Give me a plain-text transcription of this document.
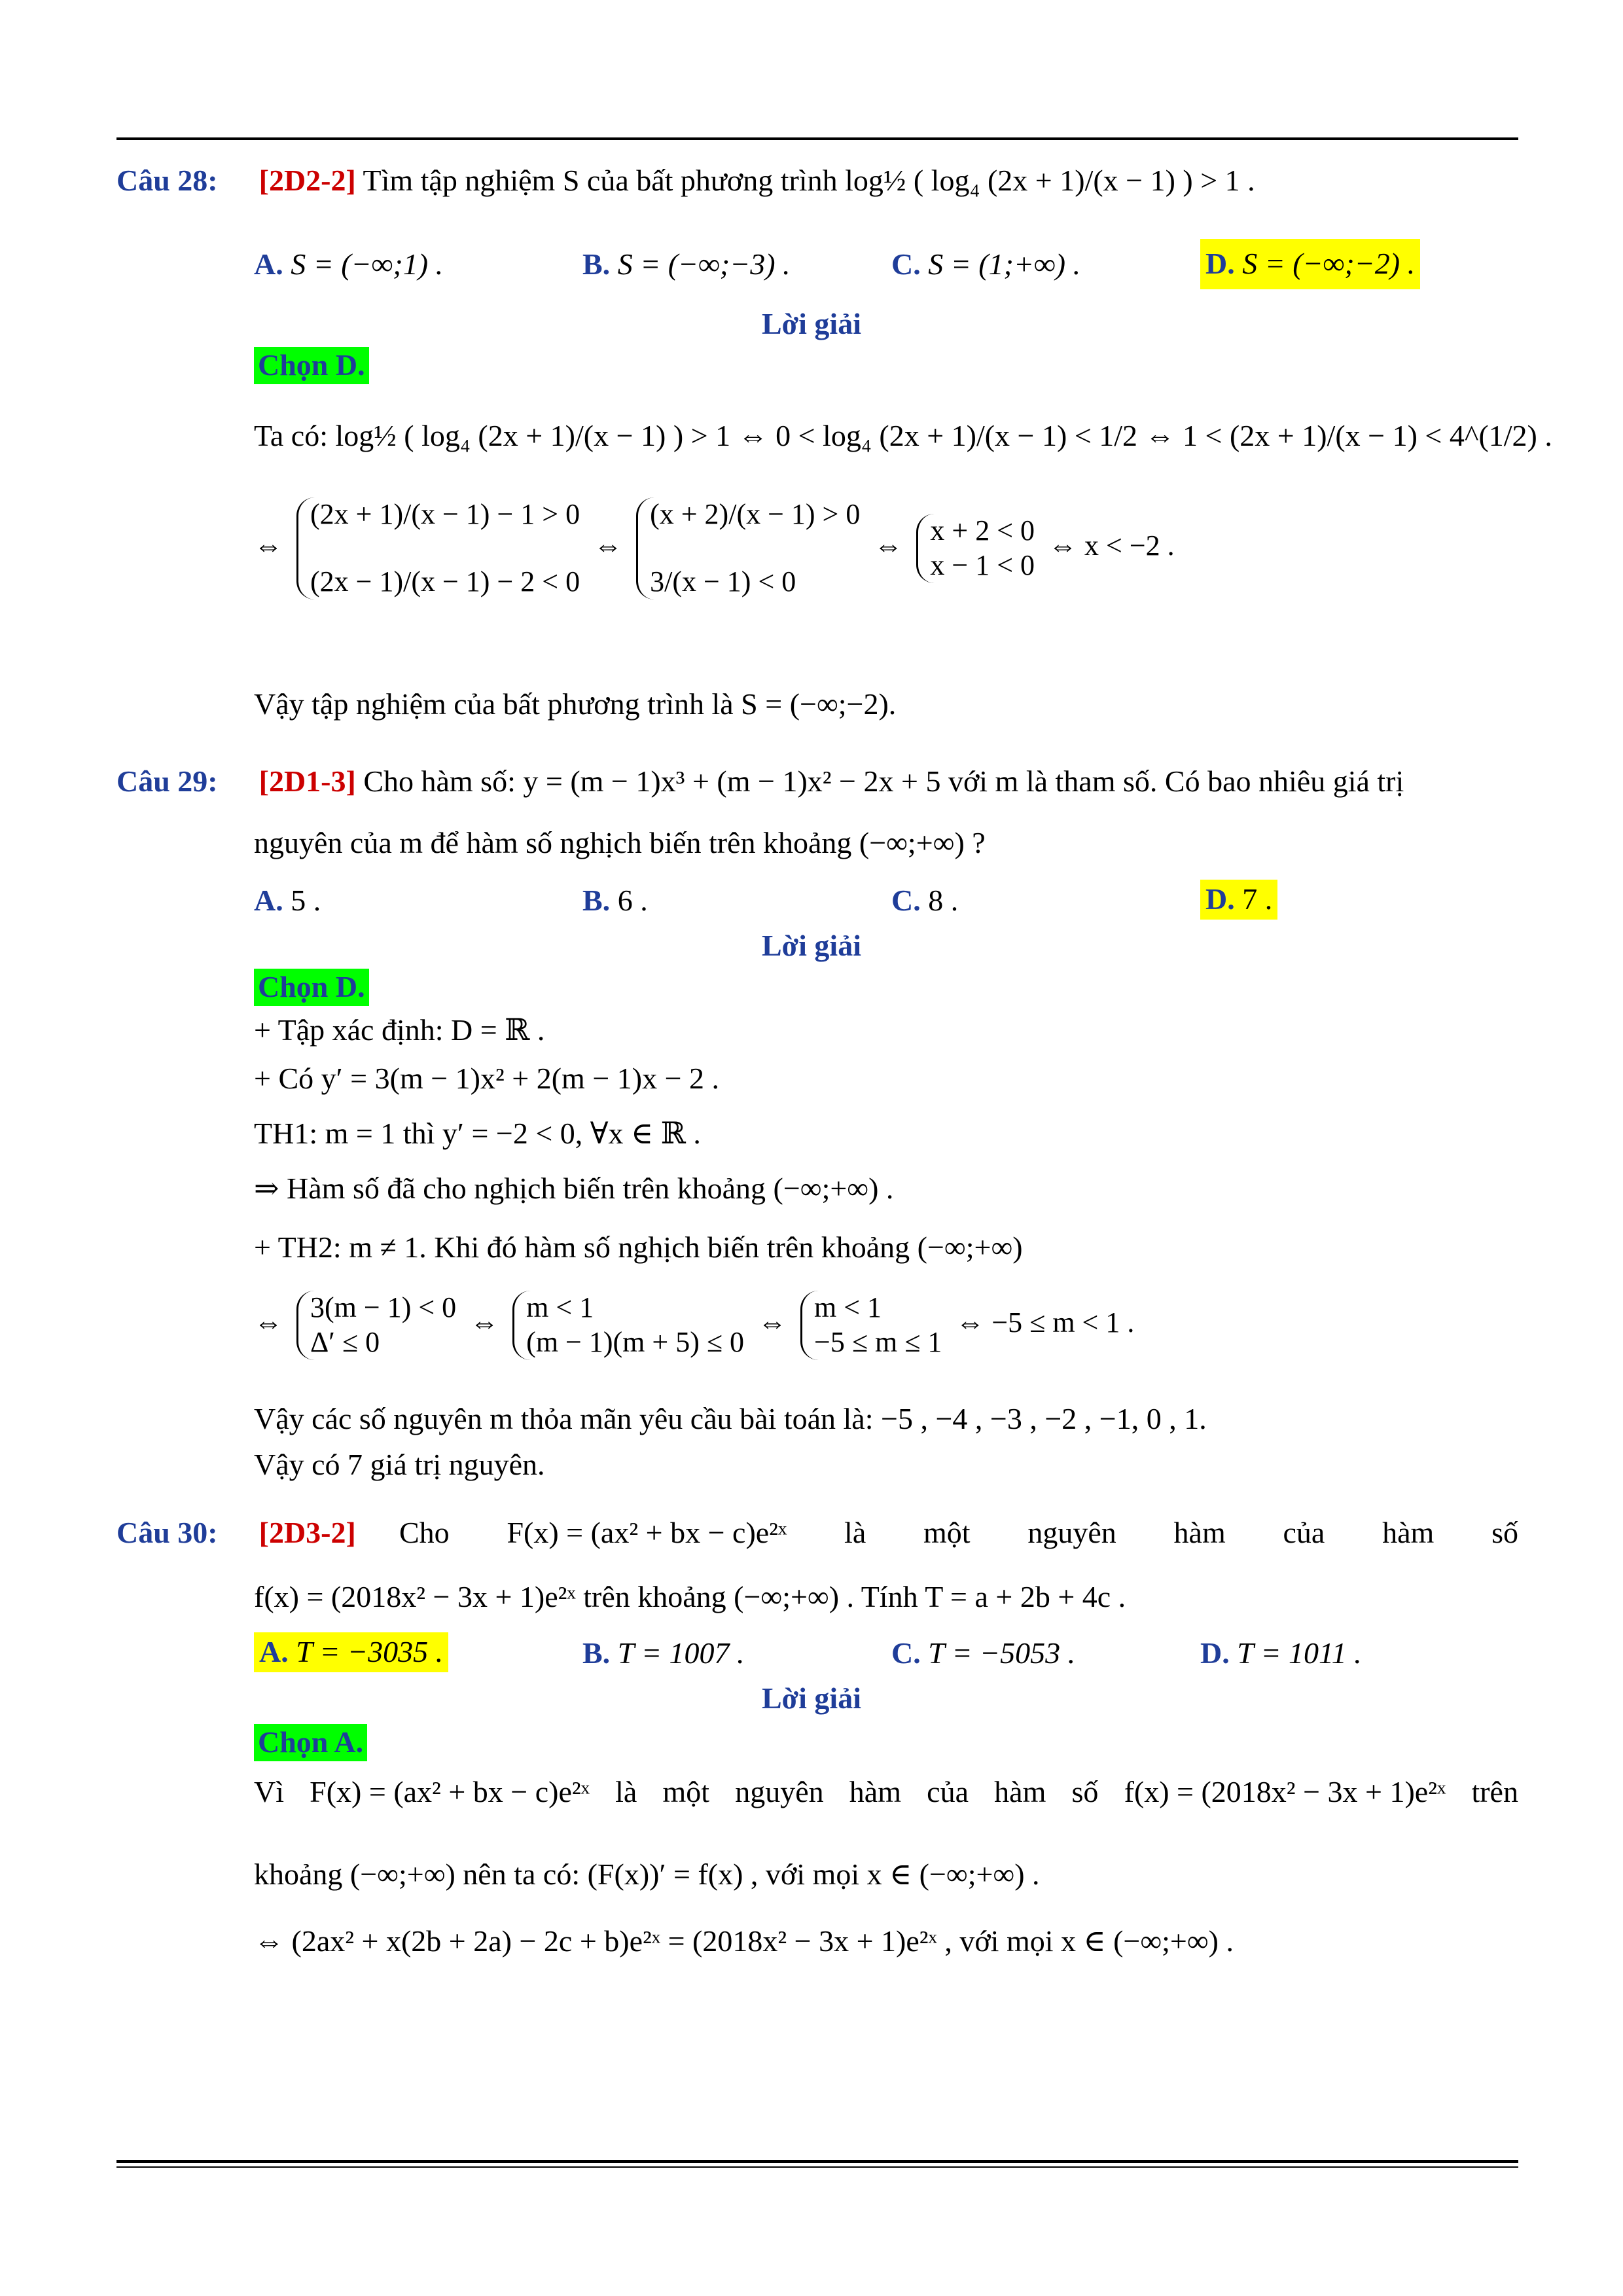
Câu 28: [2D2-2] Tìm tập nghiệm S của bất phương trình log½ ( log₄ (2x + 1)/(x − 1) ) > 1 .
A. S = (−∞;1) .	B. S = (−∞;−3) .	C. S = (1;+∞) .	D. S = (−∞;−2) .
Lời giải
Chọn D.
Ta có: log½ ( log₄ (2x + 1)/(x − 1) ) > 1 ⇔ 0 < log₄ (2x + 1)/(x − 1) < 1/2 ⇔ 1 < (2x + 1)/(x − 1) < 4^(1/2) .
⇔
(2x + 1)/(x − 1) − 1 > 0
(2x − 1)/(x − 1) − 2 < 0
⇔
(x + 2)/(x − 1) > 0
3/(x − 1) < 0
⇔ x + 2 < 0
x − 1 < 0
⇔ x < −2 .
Vậy tập nghiệm của bất phương trình là S = (−∞;−2).
Câu 29: [2D1-3] Cho hàm số: y = (m − 1)x³ + (m − 1)x² − 2x + 5 với m là tham số. Có bao nhiêu giá trị
nguyên của m để hàm số nghịch biến trên khoảng (−∞;+∞) ?
A. 5 .	B. 6 .	C. 8 .	D. 7 .
Lời giải
Chọn D.
+ Tập xác định: D = ℝ .
+ Có y′ = 3(m − 1)x² + 2(m − 1)x − 2 .
TH1: m = 1 thì y′ = −2 < 0, ∀x ∈ ℝ .
⇒ Hàm số đã cho nghịch biến trên khoảng (−∞;+∞) .
+ TH2: m ≠ 1. Khi đó hàm số nghịch biến trên khoảng (−∞;+∞)
⇔ 3(m − 1) < 0
Δ′ ≤ 0
⇔ m < 1
(m − 1)(m + 5) ≤ 0
⇔ m < 1
−5 ≤ m ≤ 1
⇔ −5 ≤ m < 1 .
Vậy các số nguyên m thỏa mãn yêu cầu bài toán là: −5 , −4 , −3 , −2 , −1, 0 , 1.
Vậy có 7 giá trị nguyên.
Câu 30: [2D3-2] Cho F(x) = (ax² + bx − c)e²ˣ là một nguyên hàm của hàm số
f(x) = (2018x² − 3x + 1)e²ˣ trên khoảng (−∞;+∞) . Tính T = a + 2b + 4c .
A. T = −3035 .	B. T = 1007 .	C. T = −5053 .	D. T = 1011 .
Lời giải
Chọn A.
Vì F(x) = (ax² + bx − c)e²ˣ là một nguyên hàm của hàm số f(x) = (2018x² − 3x + 1)e²ˣ trên
khoảng (−∞;+∞) nên ta có: (F(x))′ = f(x) , với mọi x ∈ (−∞;+∞) .
⇔ (2ax² + x(2b + 2a) − 2c + b)e²ˣ = (2018x² − 3x + 1)e²ˣ , với mọi x ∈ (−∞;+∞) .
